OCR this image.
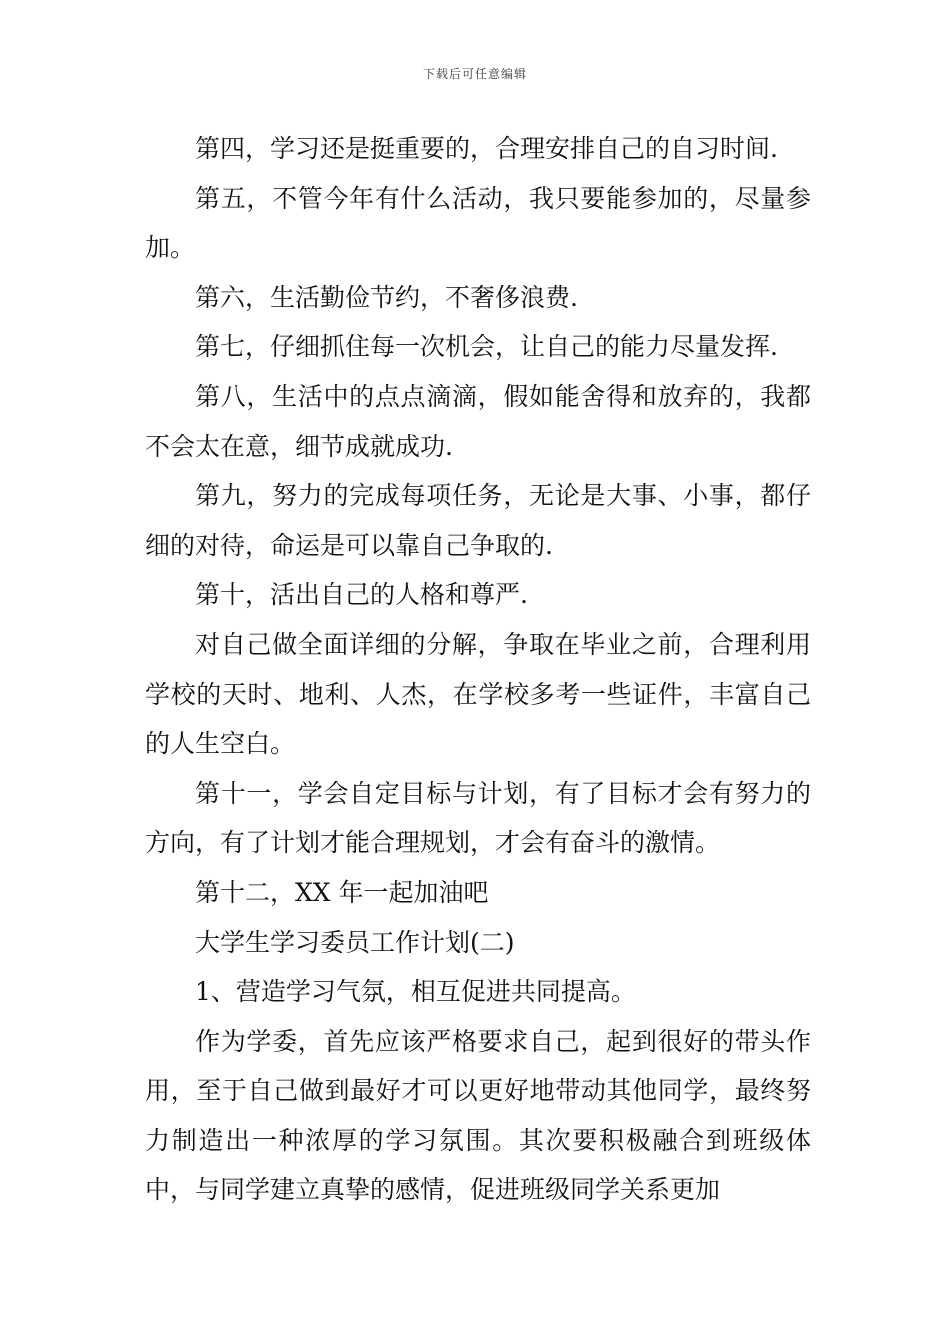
下载后可任意编辑

第四，学习还是挺重要的，合理安排自己的自习时间.

第五，不管今年有什么活动，我只要能参加的，尽量参加。

第六，生活勤俭节约，不奢侈浪费.

第七，仔细抓住每一次机会，让自己的能力尽量发挥.

第八，生活中的点点滴滴，假如能舍得和放弃的，我都不会太在意，细节成就成功.

第九，努力的完成每项任务，无论是大事、小事，都仔细的对待，命运是可以靠自己争取的.

第十，活出自己的人格和尊严.

对自己做全面详细的分解，争取在毕业之前，合理利用学校的天时、地利、人杰，在学校多考一些证件，丰富自己的人生空白。

第十一，学会自定目标与计划，有了目标才会有努力的方向，有了计划才能合理规划，才会有奋斗的激情。

第十二，XX 年一起加油吧

大学生学习委员工作计划(二)

1、营造学习气氛，相互促进共同提高。

作为学委，首先应该严格要求自己，起到很好的带头作用，至于自己做到最好才可以更好地带动其他同学，最终努力制造出一种浓厚的学习氛围。其次要积极融合到班级体中，与同学建立真挚的感情，促进班级同学关系更加
